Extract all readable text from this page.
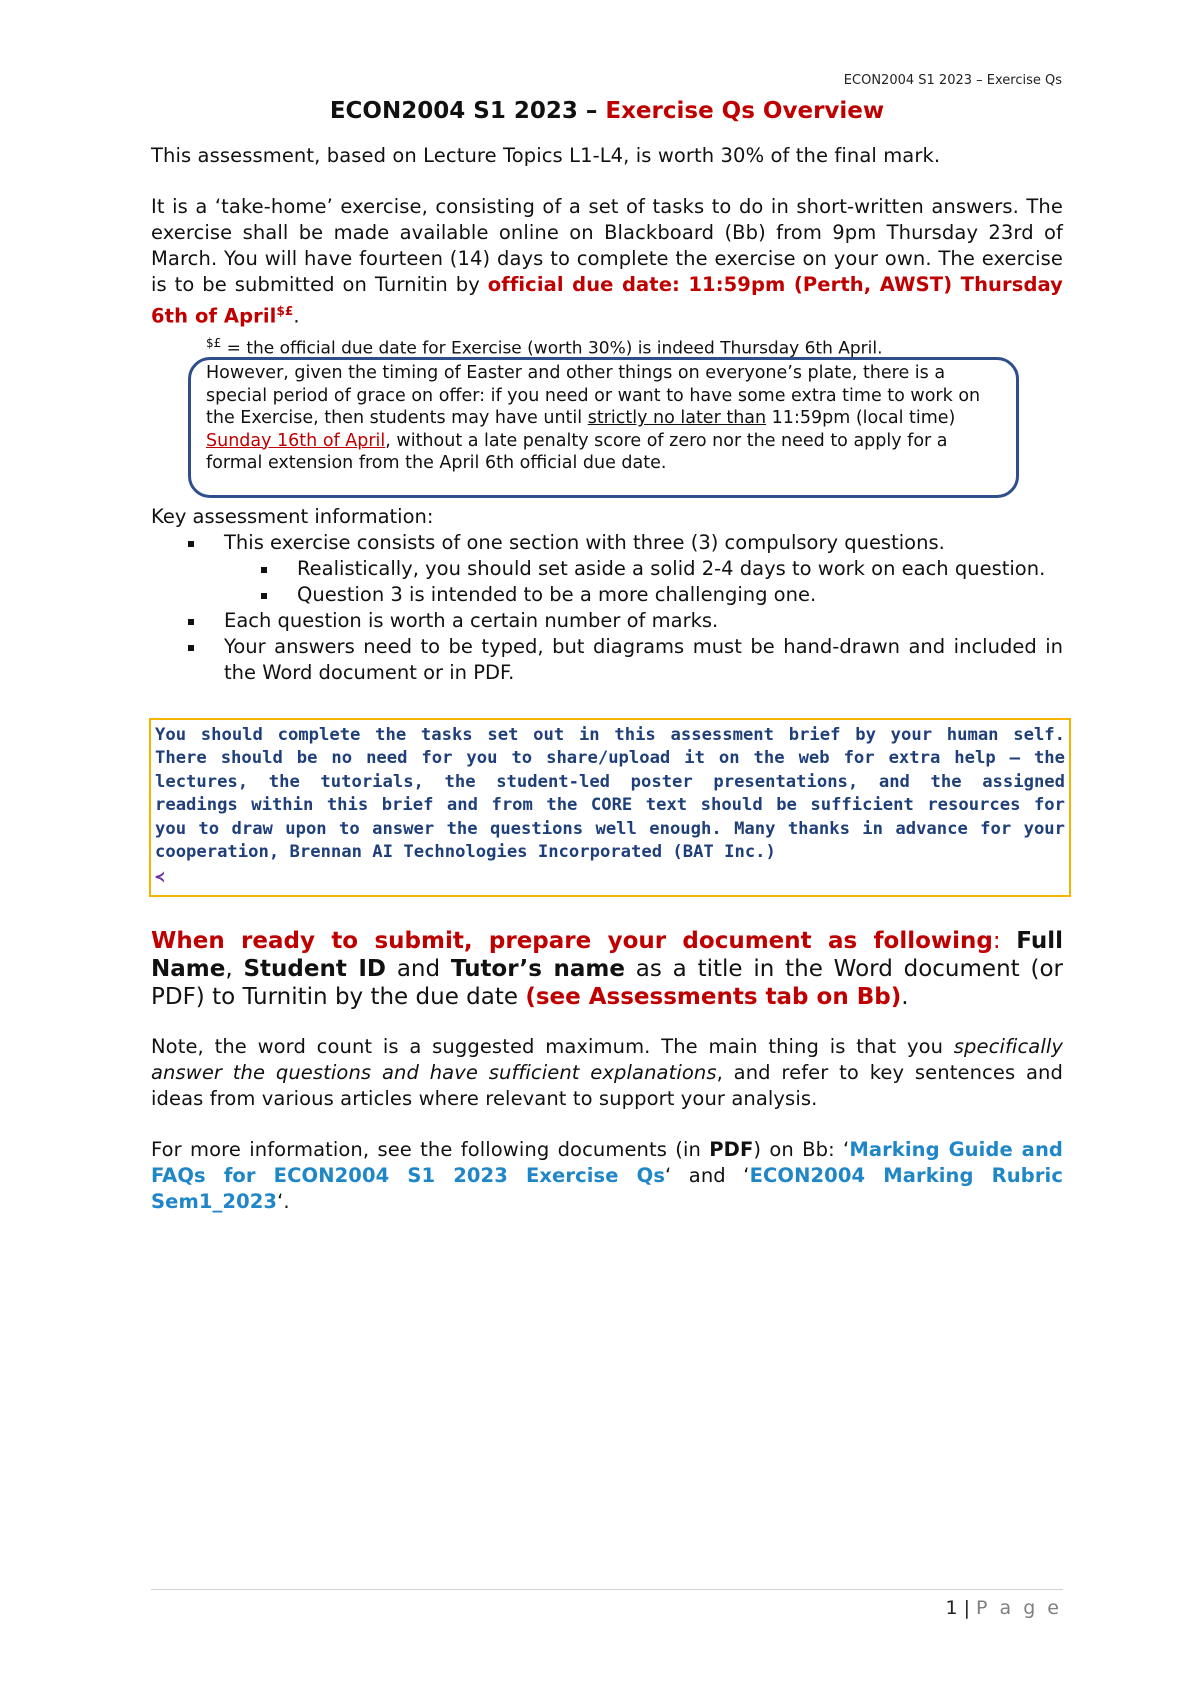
ECON2004 S1 2023 – Exercise Qs
ECON2004 S1 2023 – Exercise Qs Overview

This assessment, based on Lecture Topics L1-L4, is worth 30% of the final mark.

It is a ‘take-home’ exercise, consisting of a set of tasks to do in short-written answers. The exercise shall be made available online on Blackboard (Bb) from 9pm Thursday 23rd of March. You will have fourteen (14) days to complete the exercise on your own. The exercise is to be submitted on Turnitin by official due date: 11:59pm (Perth, AWST) Thursday 6th of April$£.

$£ = the official due date for Exercise (worth 30%) is indeed Thursday 6th April.
However, given the timing of Easter and other things on everyone’s plate, there is a special period of grace on offer: if you need or want to have some extra time to work on the Exercise, then students may have until strictly no later than 11:59pm (local time) Sunday 16th of April, without a late penalty score of zero nor the need to apply for a formal extension from the April 6th official due date.
Key assessment information:
This exercise consists of one section with three (3) compulsory questions.
Realistically, you should set aside a solid 2-4 days to work on each question.
Question 3 is intended to be a more challenging one.
Each question is worth a certain number of marks.
Your answers need to be typed, but diagrams must be hand-drawn and included in the Word document or in PDF.
You should complete the tasks set out in this assessment brief by your human self. There should be no need for you to share/upload it on the web for extra help – the lectures, the tutorials, the student-led poster presentations, and the assigned readings within this brief and from the CORE text should be sufficient resources for you to draw upon to answer the questions well enough. Many thanks in advance for your cooperation, Brennan AI Technologies Incorporated (BAT Inc.)
≺

When ready to submit, prepare your document as following: Full Name, Student ID and Tutor’s name as a title in the Word document (or PDF) to Turnitin by the due date (see Assessments tab on Bb).

Note, the word count is a suggested maximum. The main thing is that you specifically answer the questions and have sufficient explanations, and refer to key sentences and ideas from various articles where relevant to support your analysis.

For more information, see the following documents (in PDF) on Bb: ‘Marking Guide and FAQs for ECON2004 S1 2023 Exercise Qs‘ and ‘ECON2004 Marking Rubric Sem1_2023‘.

1 | P a g e
